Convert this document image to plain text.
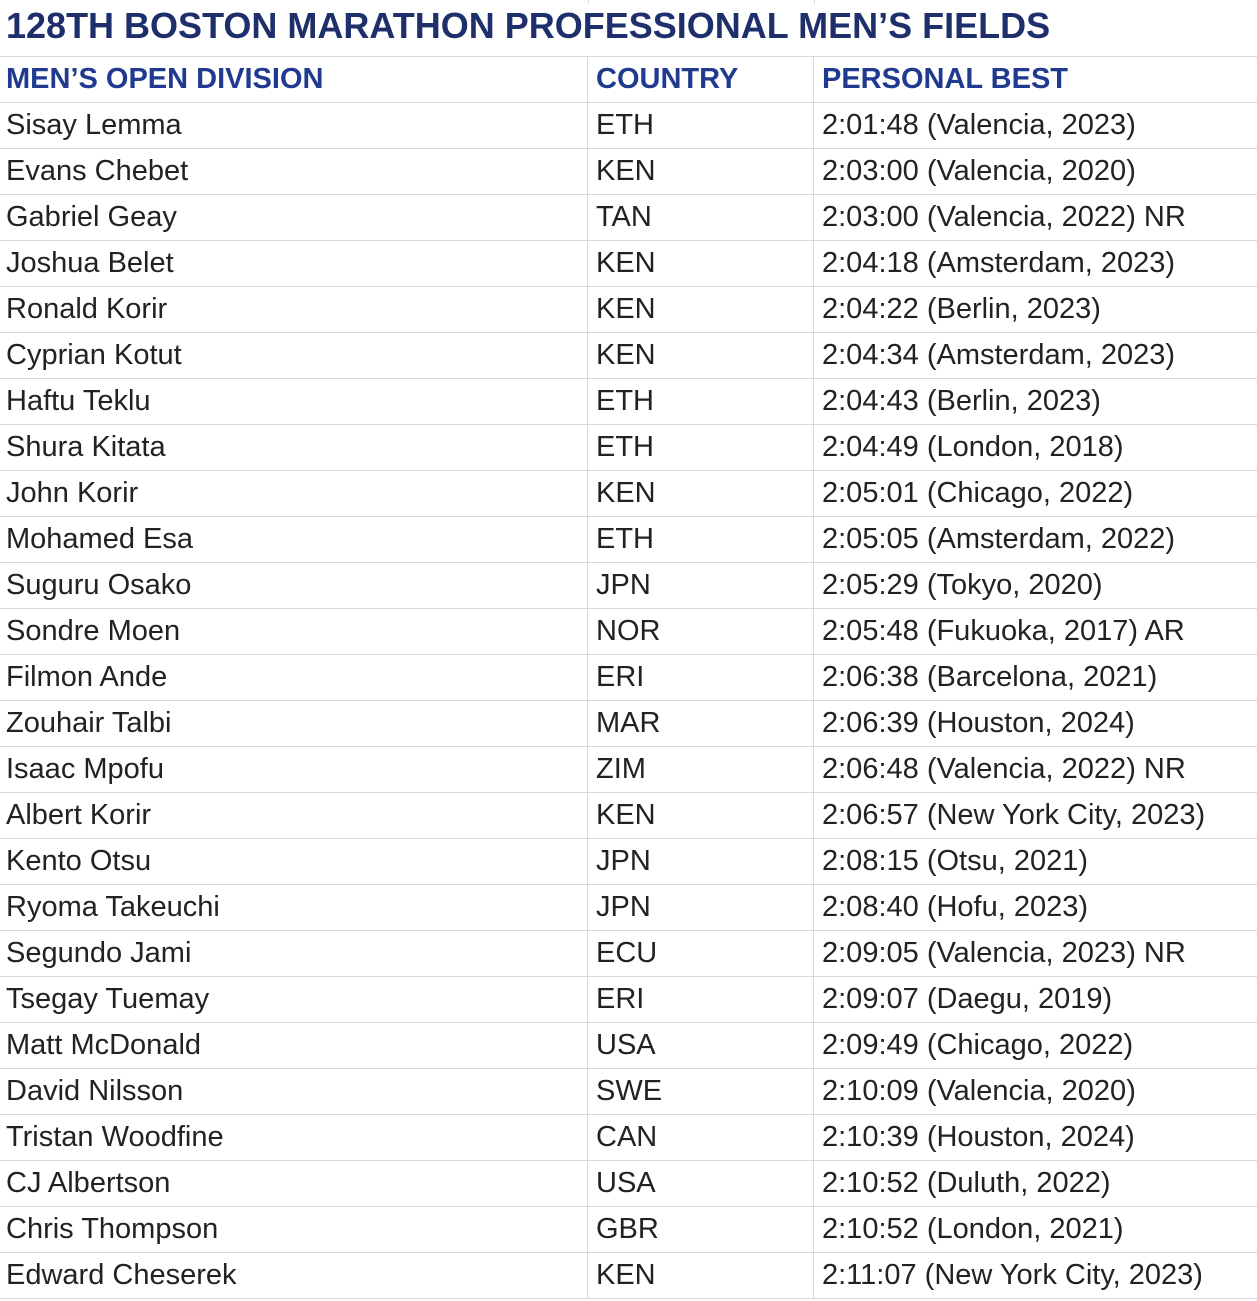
128TH BOSTON MARATHON PROFESSIONAL MEN’S FIELDS
MEN’S OPEN DIVISION	COUNTRY	PERSONAL BEST
Sisay Lemma	ETH	2:01:48 (Valencia, 2023)
Evans Chebet	KEN	2:03:00 (Valencia, 2020)
Gabriel Geay	TAN	2:03:00 (Valencia, 2022) NR
Joshua Belet	KEN	2:04:18 (Amsterdam, 2023)
Ronald Korir	KEN	2:04:22 (Berlin, 2023)
Cyprian Kotut	KEN	2:04:34 (Amsterdam, 2023)
Haftu Teklu	ETH	2:04:43 (Berlin, 2023)
Shura Kitata	ETH	2:04:49 (London, 2018)
John Korir	KEN	2:05:01 (Chicago, 2022)
Mohamed Esa	ETH	2:05:05 (Amsterdam, 2022)
Suguru Osako	JPN	2:05:29 (Tokyo, 2020)
Sondre Moen	NOR	2:05:48 (Fukuoka, 2017) AR
Filmon Ande	ERI	2:06:38 (Barcelona, 2021)
Zouhair Talbi	MAR	2:06:39 (Houston, 2024)
Isaac Mpofu	ZIM	2:06:48 (Valencia, 2022) NR
Albert Korir	KEN	2:06:57 (New York City, 2023)
Kento Otsu	JPN	2:08:15 (Otsu, 2021)
Ryoma Takeuchi	JPN	2:08:40 (Hofu, 2023)
Segundo Jami	ECU	2:09:05 (Valencia, 2023) NR
Tsegay Tuemay	ERI	2:09:07 (Daegu, 2019)
Matt McDonald	USA	2:09:49 (Chicago, 2022)
David Nilsson	SWE	2:10:09 (Valencia, 2020)
Tristan Woodfine	CAN	2:10:39 (Houston, 2024)
CJ Albertson	USA	2:10:52 (Duluth, 2022)
Chris Thompson	GBR	2:10:52 (London, 2021)
Edward Cheserek	KEN	2:11:07 (New York City, 2023)
